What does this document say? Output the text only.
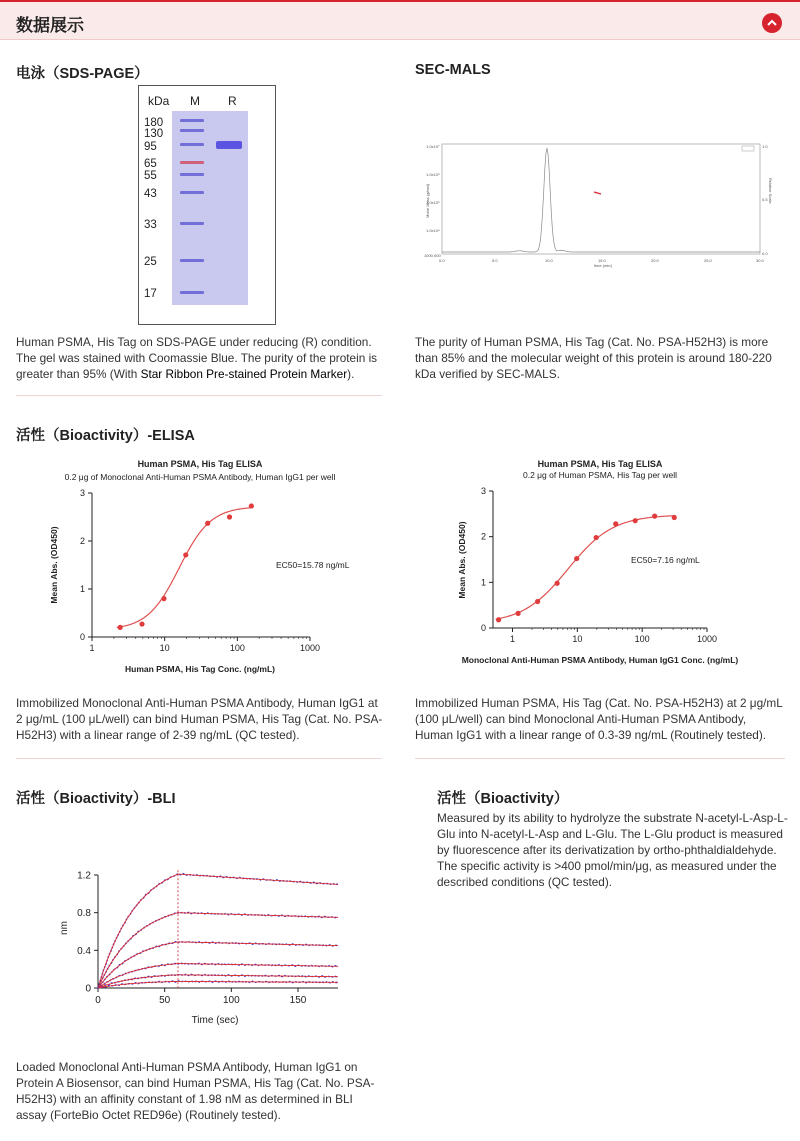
数据展示
电泳（SDS-PAGE）
kDa M R
180
130
95
65
55
43
33
25
17
Human PSMA, His Tag on SDS-PAGE under reducing (R) condition. The gel was stained with Coomassie Blue. The purity of the protein is greater than 95% (With Star Ribbon Pre-stained Protein Marker).
SEC-MALS
1.0x10⁷
1.0x10⁶
1.0x10⁵
1.0x10⁴
1000.000
0.0	5.0	10.0	15.0	20.0	25.0	30.0
1.0
0.5
0.0
time (min)
Molar Mass (g/mol)	Relative Scale
The purity of Human PSMA, His Tag (Cat. No. PSA-H52H3) is more than 85% and the molecular weight of this protein is around 180-220 kDa verified by SEC-MALS.
活性（Bioactivity）-ELISA
Human PSMA, His Tag ELISA
0.2 μg of Monoclonal Anti-Human PSMA Antibody, Human IgG1 per well
Human PSMA, His Tag Conc. (ng/mL)
Mean Abs. (OD450)	EC50=15.78 ng/mL
0
1
2
3
1	10	100	1000
Human PSMA, His Tag ELISA
0.2 μg of Human PSMA, His Tag per well
Monoclonal Anti-Human PSMA Antibody, Human IgG1 Conc. (ng/mL)
Mean Abs. (OD450)	EC50=7.16 ng/mL
0
1
2
3
1	10	100	1000
Immobilized Monoclonal Anti-Human PSMA Antibody, Human IgG1 at 2 μg/mL (100 μL/well) can bind Human PSMA, His Tag (Cat. No. PSA-H52H3) with a linear range of 2-39 ng/mL (QC tested).
Immobilized Human PSMA, His Tag (Cat. No. PSA-H52H3) at 2 μg/mL (100 μL/well) can bind Monoclonal Anti-Human PSMA Antibody, Human IgG1 with a linear range of 0.3-39 ng/mL (Routinely tested).
活性（Bioactivity）-BLI
Time (sec)
nm
0
0.4
0.8
1.2
0	50	100	150
Loaded Monoclonal Anti-Human PSMA Antibody, Human IgG1 on Protein A Biosensor, can bind Human PSMA, His Tag (Cat. No. PSA-H52H3) with an affinity constant of 1.98 nM as determined in BLI assay (ForteBio Octet RED96e) (Routinely tested).
活性（Bioactivity）
Measured by its ability to hydrolyze the substrate N-acetyl-L-Asp-L-Glu into N-acetyl-L-Asp and L-Glu. The L-Glu product is measured by fluorescence after its derivatization by ortho-phthaldialdehyde. The specific activity is >400 pmol/min/μg, as measured under the described conditions (QC tested).
